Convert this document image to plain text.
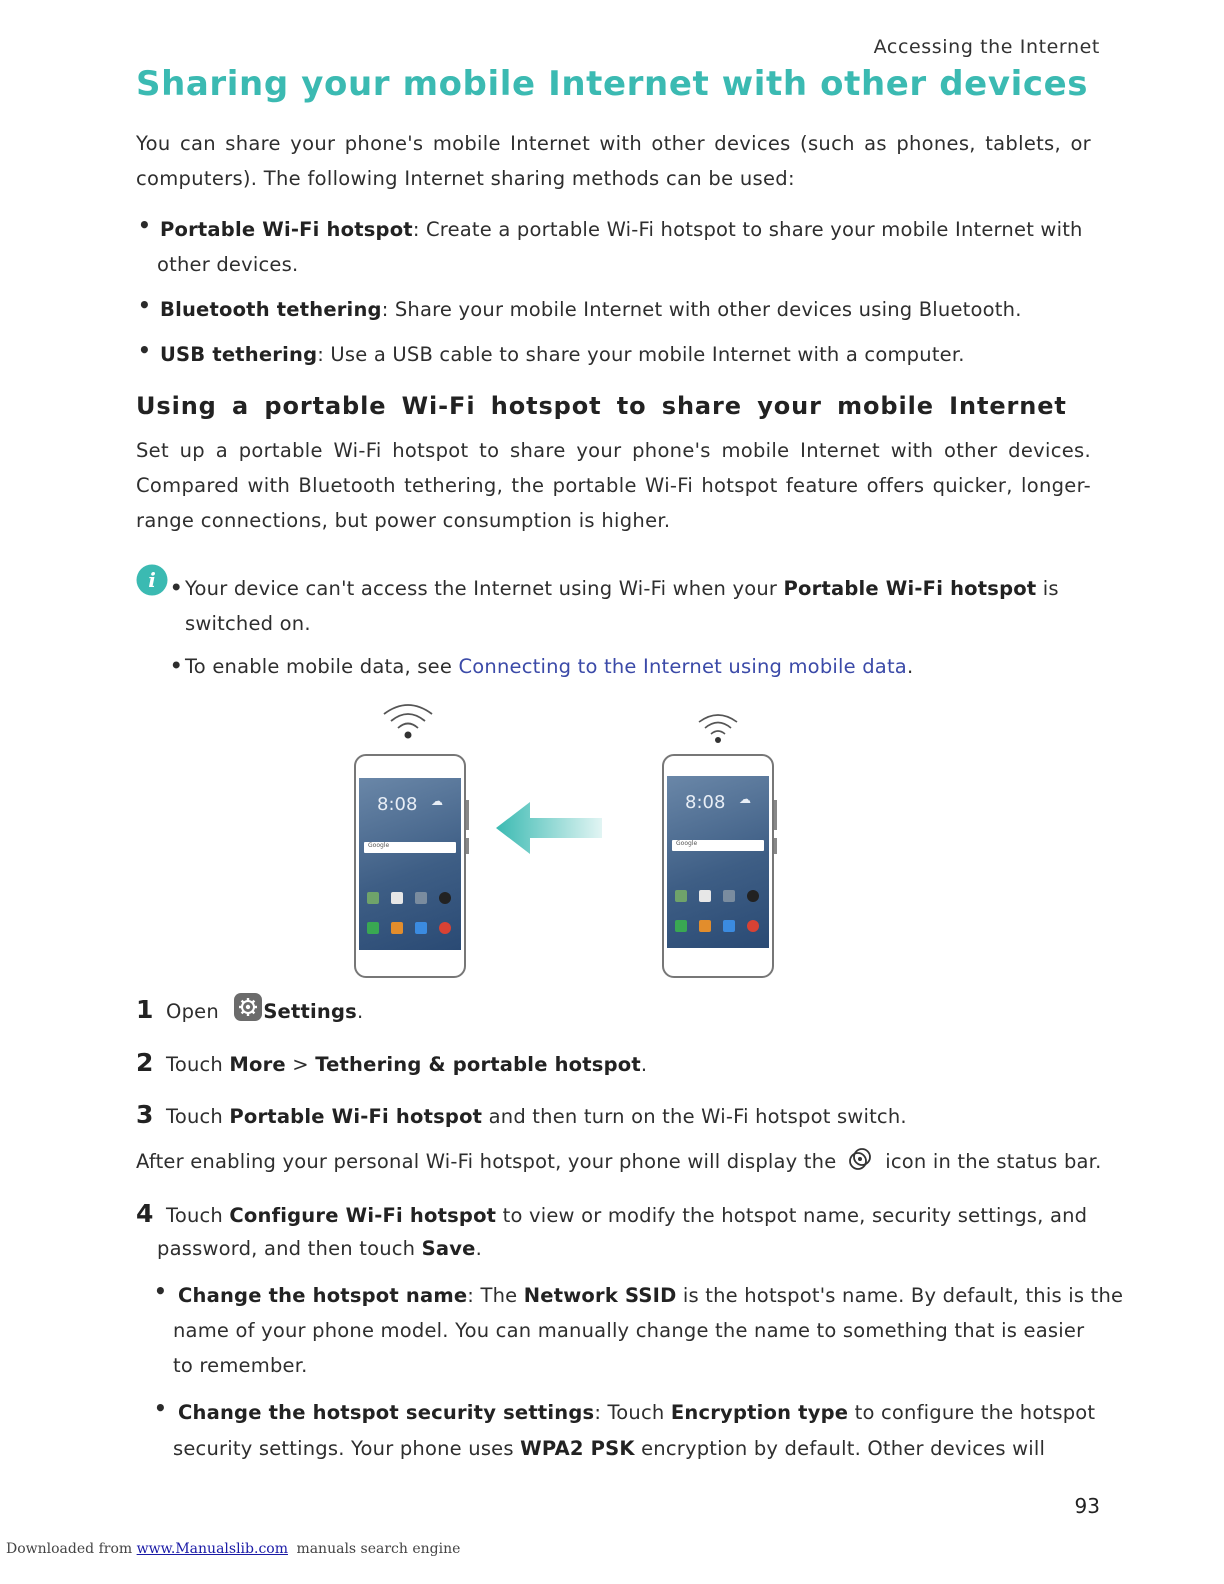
Accessing the Internet
Sharing your mobile Internet with other devices
You can share your phone's mobile Internet with other devices (such as phones, tablets, or computers). The following Internet sharing methods can be used:
• Portable Wi-Fi hotspot: Create a portable Wi-Fi hotspot to share your mobile Internet with
other devices.
• Bluetooth tethering: Share your mobile Internet with other devices using Bluetooth.
• USB tethering: Use a USB cable to share your mobile Internet with a computer.
Using a portable Wi-Fi hotspot to share your mobile Internet
Set up a portable Wi-Fi hotspot to share your phone's mobile Internet with other devices. Compared with Bluetooth tethering, the portable Wi-Fi hotspot feature offers quicker, longer-range connections, but power consumption is higher.
i • Your device can't access the Internet using Wi-Fi when your Portable Wi-Fi hotspot is
switched on.
• To enable mobile data, see Connecting to the Internet using mobile data.
8:08 ☁
Google
8:08 ☁
Google
1 Open Settings.
2 Touch More > Tethering & portable hotspot.
3 Touch Portable Wi-Fi hotspot and then turn on the Wi-Fi hotspot switch.
After enabling your personal Wi-Fi hotspot, your phone will display the	icon in the status bar.
4 Touch Configure Wi-Fi hotspot to view or modify the hotspot name, security settings, and
password, and then touch Save.
• Change the hotspot name: The Network SSID is the hotspot's name. By default, this is the
name of your phone model. You can manually change the name to something that is easier
to remember.
• Change the hotspot security settings: Touch Encryption type to configure the hotspot
security settings. Your phone uses WPA2 PSK encryption by default. Other devices will
93
Downloaded from www.Manualslib.com manuals search engine
